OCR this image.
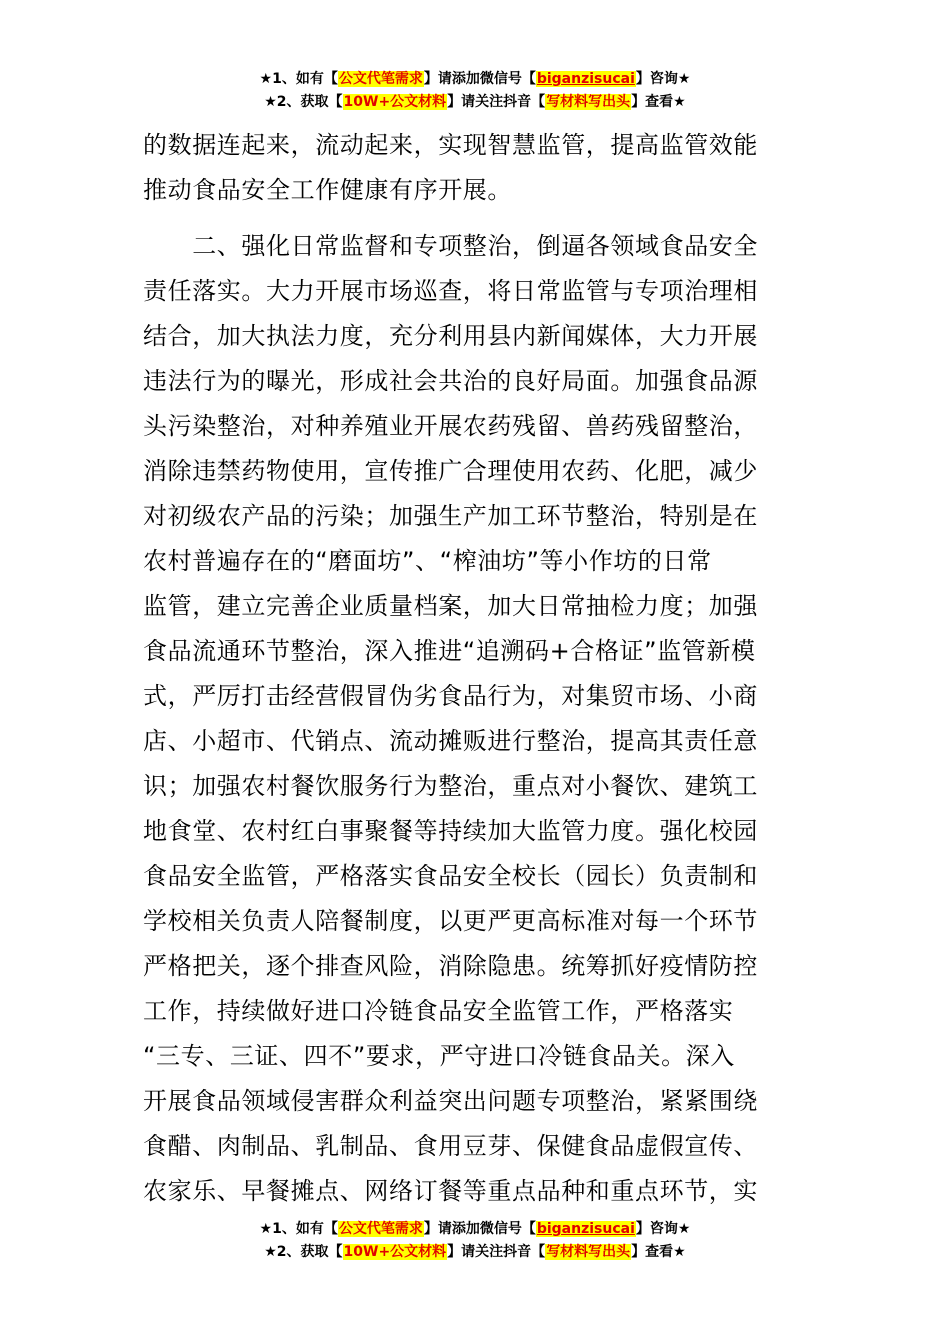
★1、如有【公文代笔需求】请添加微信号【biganzisucai】咨询★
★2、获取【10W+公文材料】请关注抖音【写材料写出头】查看★
的数据连起来，流动起来，实现智慧监管，提高监管效能
推动食品安全工作健康有序开展。
　　二、强化日常监督和专项整治，倒逼各领域食品安全
责任落实。大力开展市场巡查，将日常监管与专项治理相
结合，加大执法力度，充分利用县内新闻媒体，大力开展
违法行为的曝光，形成社会共治的良好局面。加强食品源
头污染整治，对种养殖业开展农药残留、兽药残留整治，
消除违禁药物使用，宣传推广合理使用农药、化肥，减少
对初级农产品的污染；加强生产加工环节整治，特别是在
农村普遍存在的“磨面坊”、“榨油坊”等小作坊的日常
监管，建立完善企业质量档案，加大日常抽检力度；加强
食品流通环节整治，深入推进“追溯码+合格证”监管新模
式，严厉打击经营假冒伪劣食品行为，对集贸市场、小商
店、小超市、代销点、流动摊贩进行整治，提高其责任意
识；加强农村餐饮服务行为整治，重点对小餐饮、建筑工
地食堂、农村红白事聚餐等持续加大监管力度。强化校园
食品安全监管，严格落实食品安全校长（园长）负责制和
学校相关负责人陪餐制度，以更严更高标准对每一个环节
严格把关，逐个排查风险，消除隐患。统筹抓好疫情防控
工作，持续做好进口冷链食品安全监管工作，严格落实
“三专、三证、四不”要求，严守进口冷链食品关。深入
开展食品领域侵害群众利益突出问题专项整治，紧紧围绕
食醋、肉制品、乳制品、食用豆芽、保健食品虚假宣传、
农家乐、早餐摊点、网络订餐等重点品种和重点环节，实
★1、如有【公文代笔需求】请添加微信号【biganzisucai】咨询★
★2、获取【10W+公文材料】请关注抖音【写材料写出头】查看★
